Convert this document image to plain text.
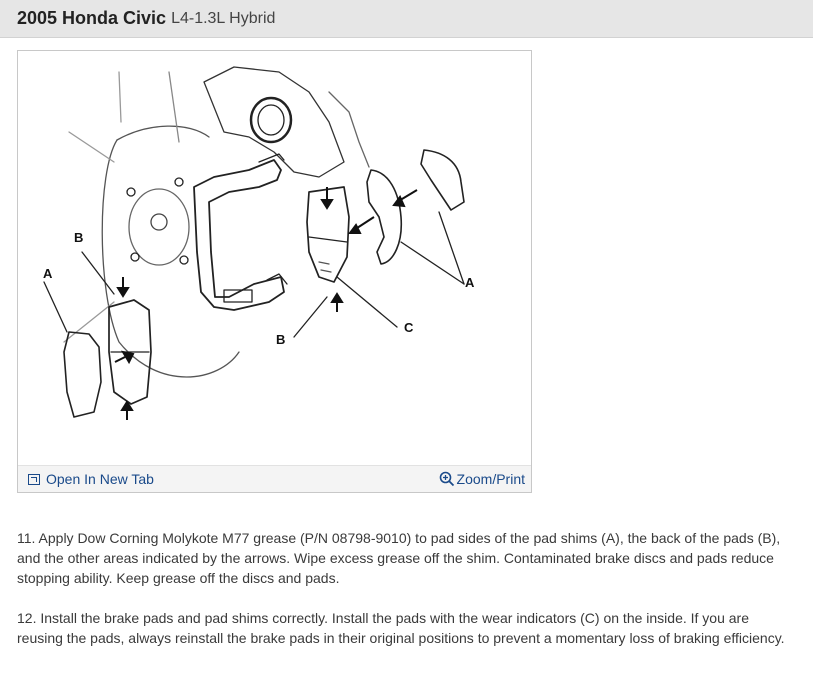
2005 Honda Civic L4-1.3L Hybrid
A
B
B
C
A
Open In New Tab	Zoom/Print

11. Apply Dow Corning Molykote M77 grease (P/N 08798-9010) to pad sides of the pad shims (A), the back of the pads (B), and the other areas indicated by the arrows. Wipe excess grease off the shim. Contaminated brake discs and pads reduce stopping ability. Keep grease off the discs and pads.

12. Install the brake pads and pad shims correctly. Install the pads with the wear indicators (C) on the inside. If you are reusing the pads, always reinstall the brake pads in their original positions to prevent a momentary loss of braking efficiency.
